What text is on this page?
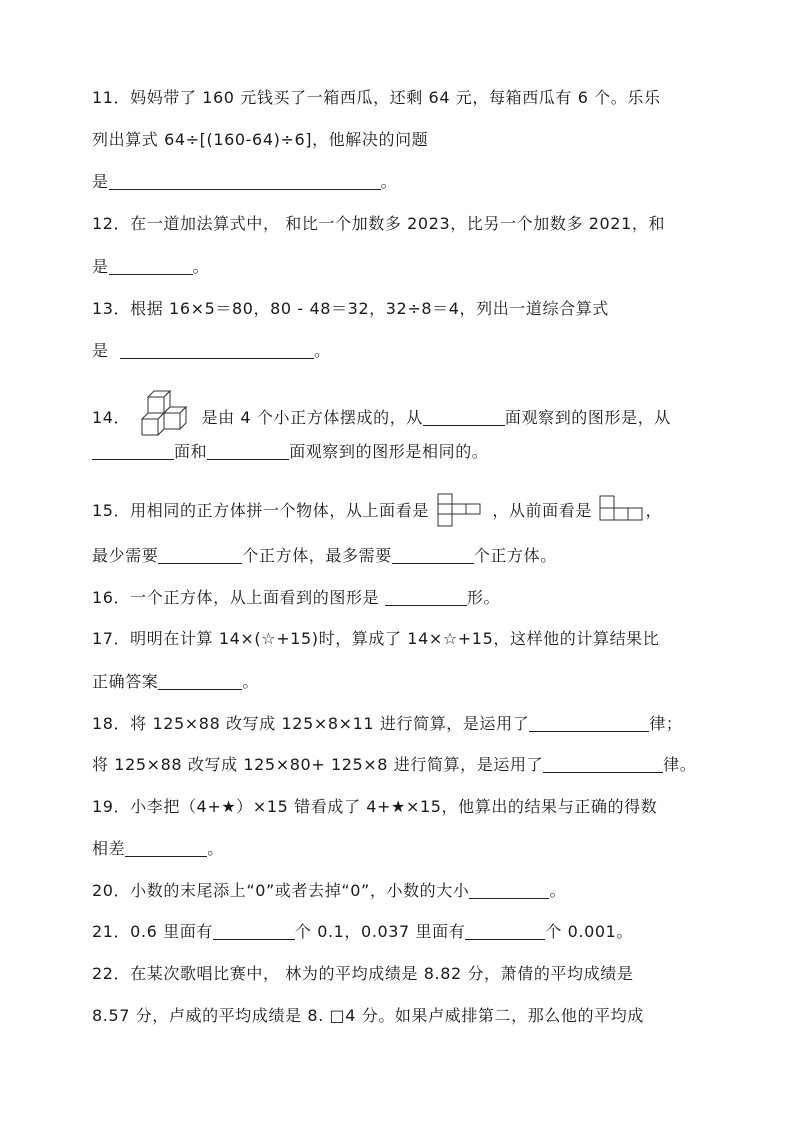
11．妈妈带了 160 元钱买了一箱西瓜，还剩 64 元，每箱西瓜有 6 个。乐乐
列出算式 64÷[(160-64)÷6]，他解决的问题
是	。
12．在一道加法算式中， 和比一个加数多 2023，比另一个加数多 2021，和
是	。
13．根据 16×5＝80，80 - 48＝32，32÷8＝4，列出一道综合算式
是	。
14．	是由 4 个小正方体摆成的，从	面观察到的图形是，从
面和	面观察到的图形是相同的。
15．用相同的正方体拼一个物体，从上面看是	，从前面看是	，
最少需要	个正方体，最多需要	个正方体。
16．一个正方体，从上面看到的图形是	形。
17．明明在计算 14×(☆+15)时，算成了 14×☆+15，这样他的计算结果比
正确答案	。
18．将 125×88 改写成 125×8×11 进行简算，是运用了	律；
将 125×88 改写成 125×80+ 125×8 进行简算，是运用了	律。
19．小李把（4+★）×15 错看成了 4+★×15，他算出的结果与正确的得数
相差	。
20．小数的末尾添上“0”或者去掉“0”，小数的大小	。
21．0.6 里面有	个 0.1，0.037 里面有	个 0.001。
22．在某次歌唱比赛中， 林为的平均成绩是 8.82 分，萧倩的平均成绩是
8.57 分，卢威的平均成绩是 8. □4 分。如果卢威排第二，那么他的平均成
